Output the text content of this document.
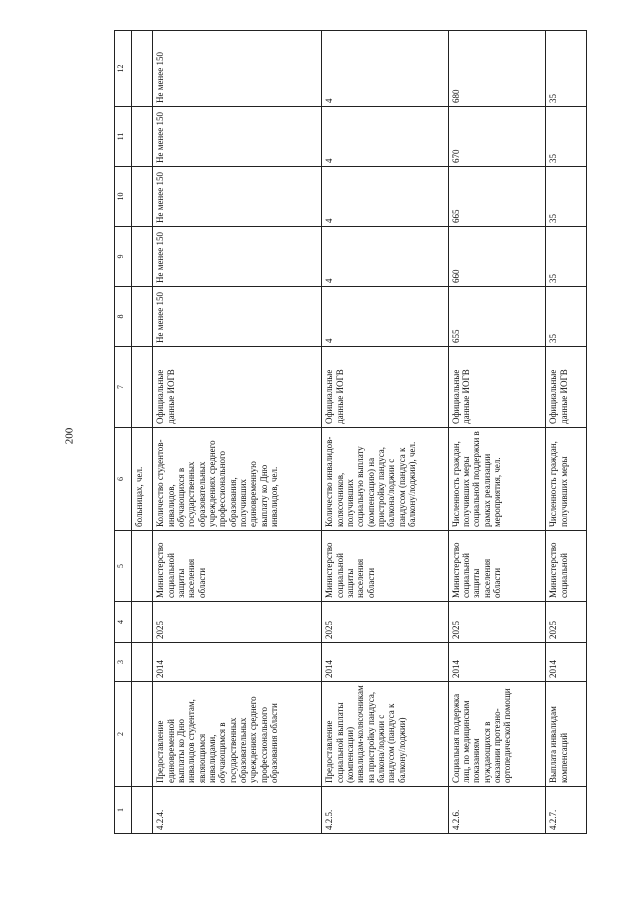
200
1	2	3	4	5	6	7	8	9	10	11	12
					больницах, чел.						
4.2.4.	Предоставление единовременной выплаты ко Дню инвалидов студентам, являющимся инвалидами, обучающимся в государственных образовательных учреждениях среднего профессионального образования области	2014	2025	Министерство социальной защиты населения области	Количество студентов-инвалидов, обучающихся в государственных образовательных учреждениях среднего профессионального образования, получивших единовременную выплату ко Дню инвалидов, чел.	Официальные данные ИОГВ	Не менее 150	Не менее 150	Не менее 150	Не менее 150	Не менее 150
4.2.5.	Предоставление социальной выплаты (компенсации) инвалидам-колясочникам на пристройку пандуса, балкона/лоджии с пандусом (пандуса к балкону/лоджии)	2014	2025	Министерство социальной защиты населения области	Количество инвалидов-колясочников, получивших социальную выплату (компенсацию) на пристройку пандуса, балкона/лоджии с пандусом (пандуса к балкону/лоджии), чел.	Официальные данные ИОГВ	4	4	4	4	4
4.2.6.	Социальная поддержка лиц, по медицинским показаниям нуждающихся в оказании протезно-ортопедической помощи	2014	2025	Министерство социальной защиты населения области	Численность граждан, получивших меры социальной поддержки в рамках реализации мероприятия, чел.	Официальные данные ИОГВ	655	660	665	670	680
4.2.7.	Выплата инвалидам компенсаций	2014	2025	Министерство социальной	Численность граждан, получивших меры	Официальные данные ИОГВ	35	35	35	35	35
